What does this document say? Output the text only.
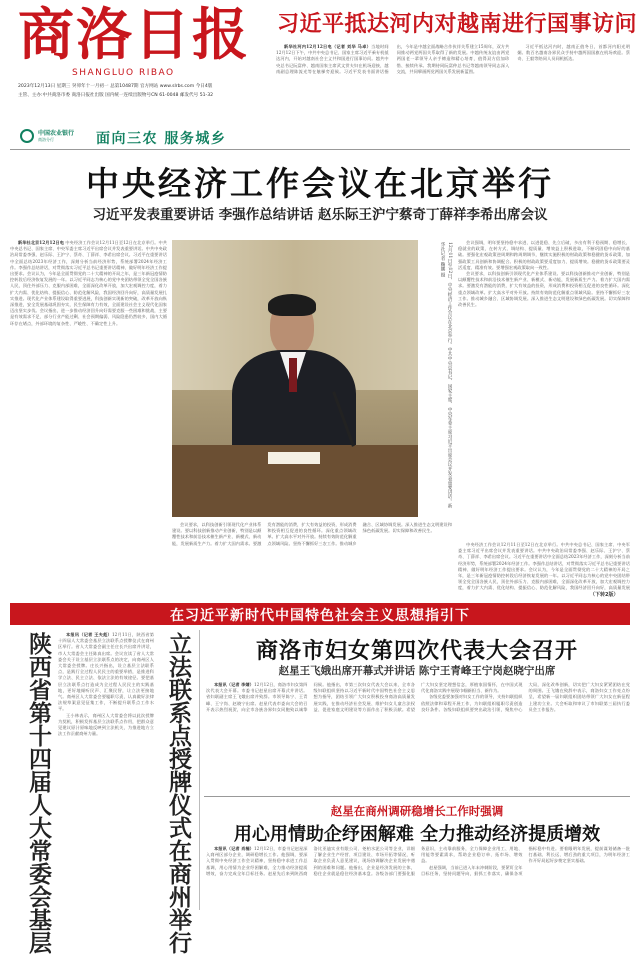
商洛日报
SHANGLUO RIBAO
2023年12月13日 星期三 癸卯年十一月初一 总第10487期 官方网站 www.slrbs.com 今日4版
主管、主办:中共商洛市委 商洛日报社出版 国内统一连续出版物号CN 61-0048 邮发代号 51-32
中国农业银行
商洛分行	面向三农 服务城乡
习近平抵达河内对越南进行国事访问

新华社河内12月12日电（记者 刘华 马卓）当地时间12月12日下午，中共中央总书记、国家主席习近平乘专机抵达河内，开始对越南社会主义共和国进行国事访问。越共中央总书记阮富仲、越南国家主席武文赏夫妇在机场迎接，越南副总理陈流光等在舷梯旁迎候。习近平发表书面讲话指出，今年是中越全面战略合作伙伴关系建立15周年，双方共同推动两党两国关系取得了新的发展。中越传统友谊由两党两国老一辈领导人亲手缔造和精心培育，值得双方倍加珍惜、接续传承。我期待同阮富仲总书记等越南领导同志深入交流，共同擘画两党两国关系发展新蓝图。

习近平抵达河内时，越南正值冬日，首都河内阳光明媚。数百名越南各界民众手持中越两国国旗在机场欢迎。蔡奇、王毅等陪同人员同机抵达。

中央经济工作会议在北京举行
习近平发表重要讲话 李强作总结讲话 赵乐际王沪宁蔡奇丁薛祥李希出席会议

新华社北京12月12日电 中央经济工作会议12月11日至12日在北京举行。中共中央总书记、国家主席、中央军委主席习近平出席会议并发表重要讲话。中共中央政治局常委李强、赵乐际、王沪宁、蔡奇、丁薛祥、李希出席会议。习近平在重要讲话中全面总结2023年经济工作，深刻分析当前经济形势，系统部署2024年经济工作。李强作总结讲话，对贯彻落实习近平总书记重要讲话精神、做好明年经济工作提出要求。会议认为，今年是全面贯彻党的二十大精神的开局之年，是三年新冠疫情防控转段后经济恢复发展的一年。以习近平同志为核心的党中央团结带领全党全国各族人民，顶住外部压力、克服内部困难，全面深化改革开放，加大宏观调控力度，着力扩大内需、优化结构、提振信心、防范化解风险，我国经济回升向好，高质量发展扎实推进。现代化产业体系建设取得重要进展，科技创新实现新的突破，改革开放向纵深推进，安全发展基础巩固夯实，民生保障有力有效，全面建设社会主义现代化国家迈出坚实步伐。会议指出，进一步推动经济回升向好需要克服一些困难和挑战，主要是有效需求不足、部分行业产能过剩、社会预期偏弱、风险隐患仍然较多，国内大循环存在堵点，外部环境的复杂性、严峻性、不确定性上升。	12月11日至12日，中央经济工作会议在北京举行。中共中央总书记、国家主席、中央军委主席习近平出席会议并发表重要讲话。新华社记者 鞠鹏 摄	会议强调，明年要坚持稳中求进、以进促稳、先立后破，多出有利于稳预期、稳增长、稳就业的政策，在转方式、调结构、提质量、增效益上积极进取，不断巩固稳中向好的基础。要强化宏观政策逆周期和跨周期调节，继续实施积极的财政政策和稳健的货币政策，加强政策工具创新和协调配合。积极的财政政策要适度加力、提质增效。稳健的货币政策要灵活适度、精准有效。要增强宏观政策取向一致性。

会议要求，以科技创新引领现代化产业体系建设。要以科技创新推动产业创新，特别是以颠覆性技术和前沿技术催生新产业、新模式、新动能，发展新质生产力。着力扩大国内需求。要激发有潜能的消费，扩大有效益的投资，形成消费和投资相互促进的良性循环。深化重点领域改革。扩大高水平对外开放。持续有效防范化解重点领域风险。坚持不懈抓好三农工作。推动城乡融合、区域协调发展。深入推进生态文明建设和绿色低碳发展。切实保障和改善民生。

会议要求，以科技创新引领现代化产业体系建设。要以科技创新推动产业创新，特别是以颠覆性技术和前沿技术催生新产业、新模式、新动能，发展新质生产力。着力扩大国内需求。要激发有潜能的消费，扩大有效益的投资，形成消费和投资相互促进的良性循环。深化重点领域改革。扩大高水平对外开放。持续有效防范化解重点领域风险。坚持不懈抓好三农工作。推动城乡融合、区域协调发展。深入推进生态文明建设和绿色低碳发展。切实保障和改善民生。

中央经济工作会议12月11日至12日在北京举行。中共中央总书记、国家主席、中央军委主席习近平出席会议并发表重要讲话。中共中央政治局常委李强、赵乐际、王沪宁、蔡奇、丁薛祥、李希出席会议。习近平在重要讲话中全面总结2023年经济工作，深刻分析当前经济形势，系统部署2024年经济工作。李强作总结讲话，对贯彻落实习近平总书记重要讲话精神、做好明年经济工作提出要求。会议认为，今年是全面贯彻党的二十大精神的开局之年，是三年新冠疫情防控转段后经济恢复发展的一年。以习近平同志为核心的党中央团结带领全党全国各族人民，顶住外部压力、克服内部困难，全面深化改革开放，加大宏观调控力度，着力扩大内需、优化结构、提振信心、防范化解风险，我国经济回升向好，高质量发展

（下转2版）
在习近平新时代中国特色社会主义思想指引下
立法联系点授牌仪式在商州举行
陕西省第十四届人大常委会基层	本报讯（记者 王夫彪）12月11日，陕西省第十四届人大常委会基层立法联系点授牌仪式在商州区举行。省人大常委会副主任庄长兴出席并讲话，市人大常委会主任陈真出席。会议宣读了省人大常委会关于设立基层立法联系点的决定，向商州区人大常委会授牌。庄长兴指出，设立基层立法联系点，是践行全过程人民民主的重要举措，是推进科学立法、民主立法、依法立法的有效途径。要把基层立法联系点打造成为全过程人民民主的实践基地，更好地倾听民声、汇聚民智，让立法更接地气。商州区人大常委会要履职尽责，认真做好法律法规草案意见征集工作，不断提升联系点工作水平。

王小林表示，商州区人大常委会将以此次授牌为契机，积极发挥基层立法联系点作用，把群众意见建议原汁原味地反映到立法机关，为推进地方立法工作贡献商州力量。

商洛市妇女第四次代表大会召开
赵星王飞娥出席开幕式并讲话 陈宁王青峰王宁岗赵晓宁出席

本报讯（记者 李婧）12月12日，商洛市妇女第四次代表大会开幕。市委书记赵星出席开幕式并讲话。省妇联副主席王飞娥出席并致辞。市领导陈宁、王青峰、王宁岗、赵晓宁出席。赵星代表市委向大会的召开表示热烈祝贺，向全市各族各界妇女同胞致以诚挚问候。他指出，市第三次妇女代表大会以来，全市各级妇联组织坚持以习近平新时代中国特色社会主义思想为指导，团结引领广大妇女积极投身商洛高质量发展实践，在推动经济社会发展、维护妇女儿童合法权益、促进家庭文明建设等方面作出了积极贡献。希望广大妇女坚定理想信念，厚植家国情怀，在中国式现代化商洛实践中展现巾帼新担当、新作为。

各级党委要加强对妇女工作的领导，支持妇联组织依照法律和章程开展工作，为妇联组织履职尽责创造良好条件。各级妇联组织要突出政治引领，聚焦中心大局，深化改革创新，切实把广大妇女紧紧团结在党的周围。王飞娥在致辞中表示，商洛妇女工作亮点纷呈，希望新一届妇联组织团结带领广大妇女在新征程上建功立业。大会听取和审议了市妇联第三届执行委员会工作报告。

赵星在商州调研稳增长工作时强调
用心用情助企纾困解难 全力推动经济提质增效

本报讯（记者 肖楠）12月12日，市委书记赵星深入商州区部分企业，调研稳增长工作。他强调，要深入贯彻中央经济工作会议精神，坚持稳中求进工作总基调，用心用情为企业纾困解难，全力推动经济提质增效，奋力完成全年目标任务。赵星先后来到陕西商洛比亚迪实业有限公司、尧柏水泥公司等企业，详细了解企业生产经营、项目建设、市场开拓等情况，听取企业负责人意见建议，现场协调解决企业发展中遇到的困难和问题。他指出，企业是经济发展的主体，稳住企业就是稳住经济基本盘。各级各部门要强化服务意识，主动靠前服务，全力保障企业用工、用地、用能等要素需求，帮助企业稳订单、拓市场、增效益。

赵星强调，当前已进入年末冲刺阶段，要紧盯全年目标任务，坚持问题导向，狠抓工作落实，确保各项指标稳中有进。要着眼明年发展，提前谋划储备一批打基础、利长远、增后劲的重大项目，为明年经济工作开好局起好步奠定坚实基础。
